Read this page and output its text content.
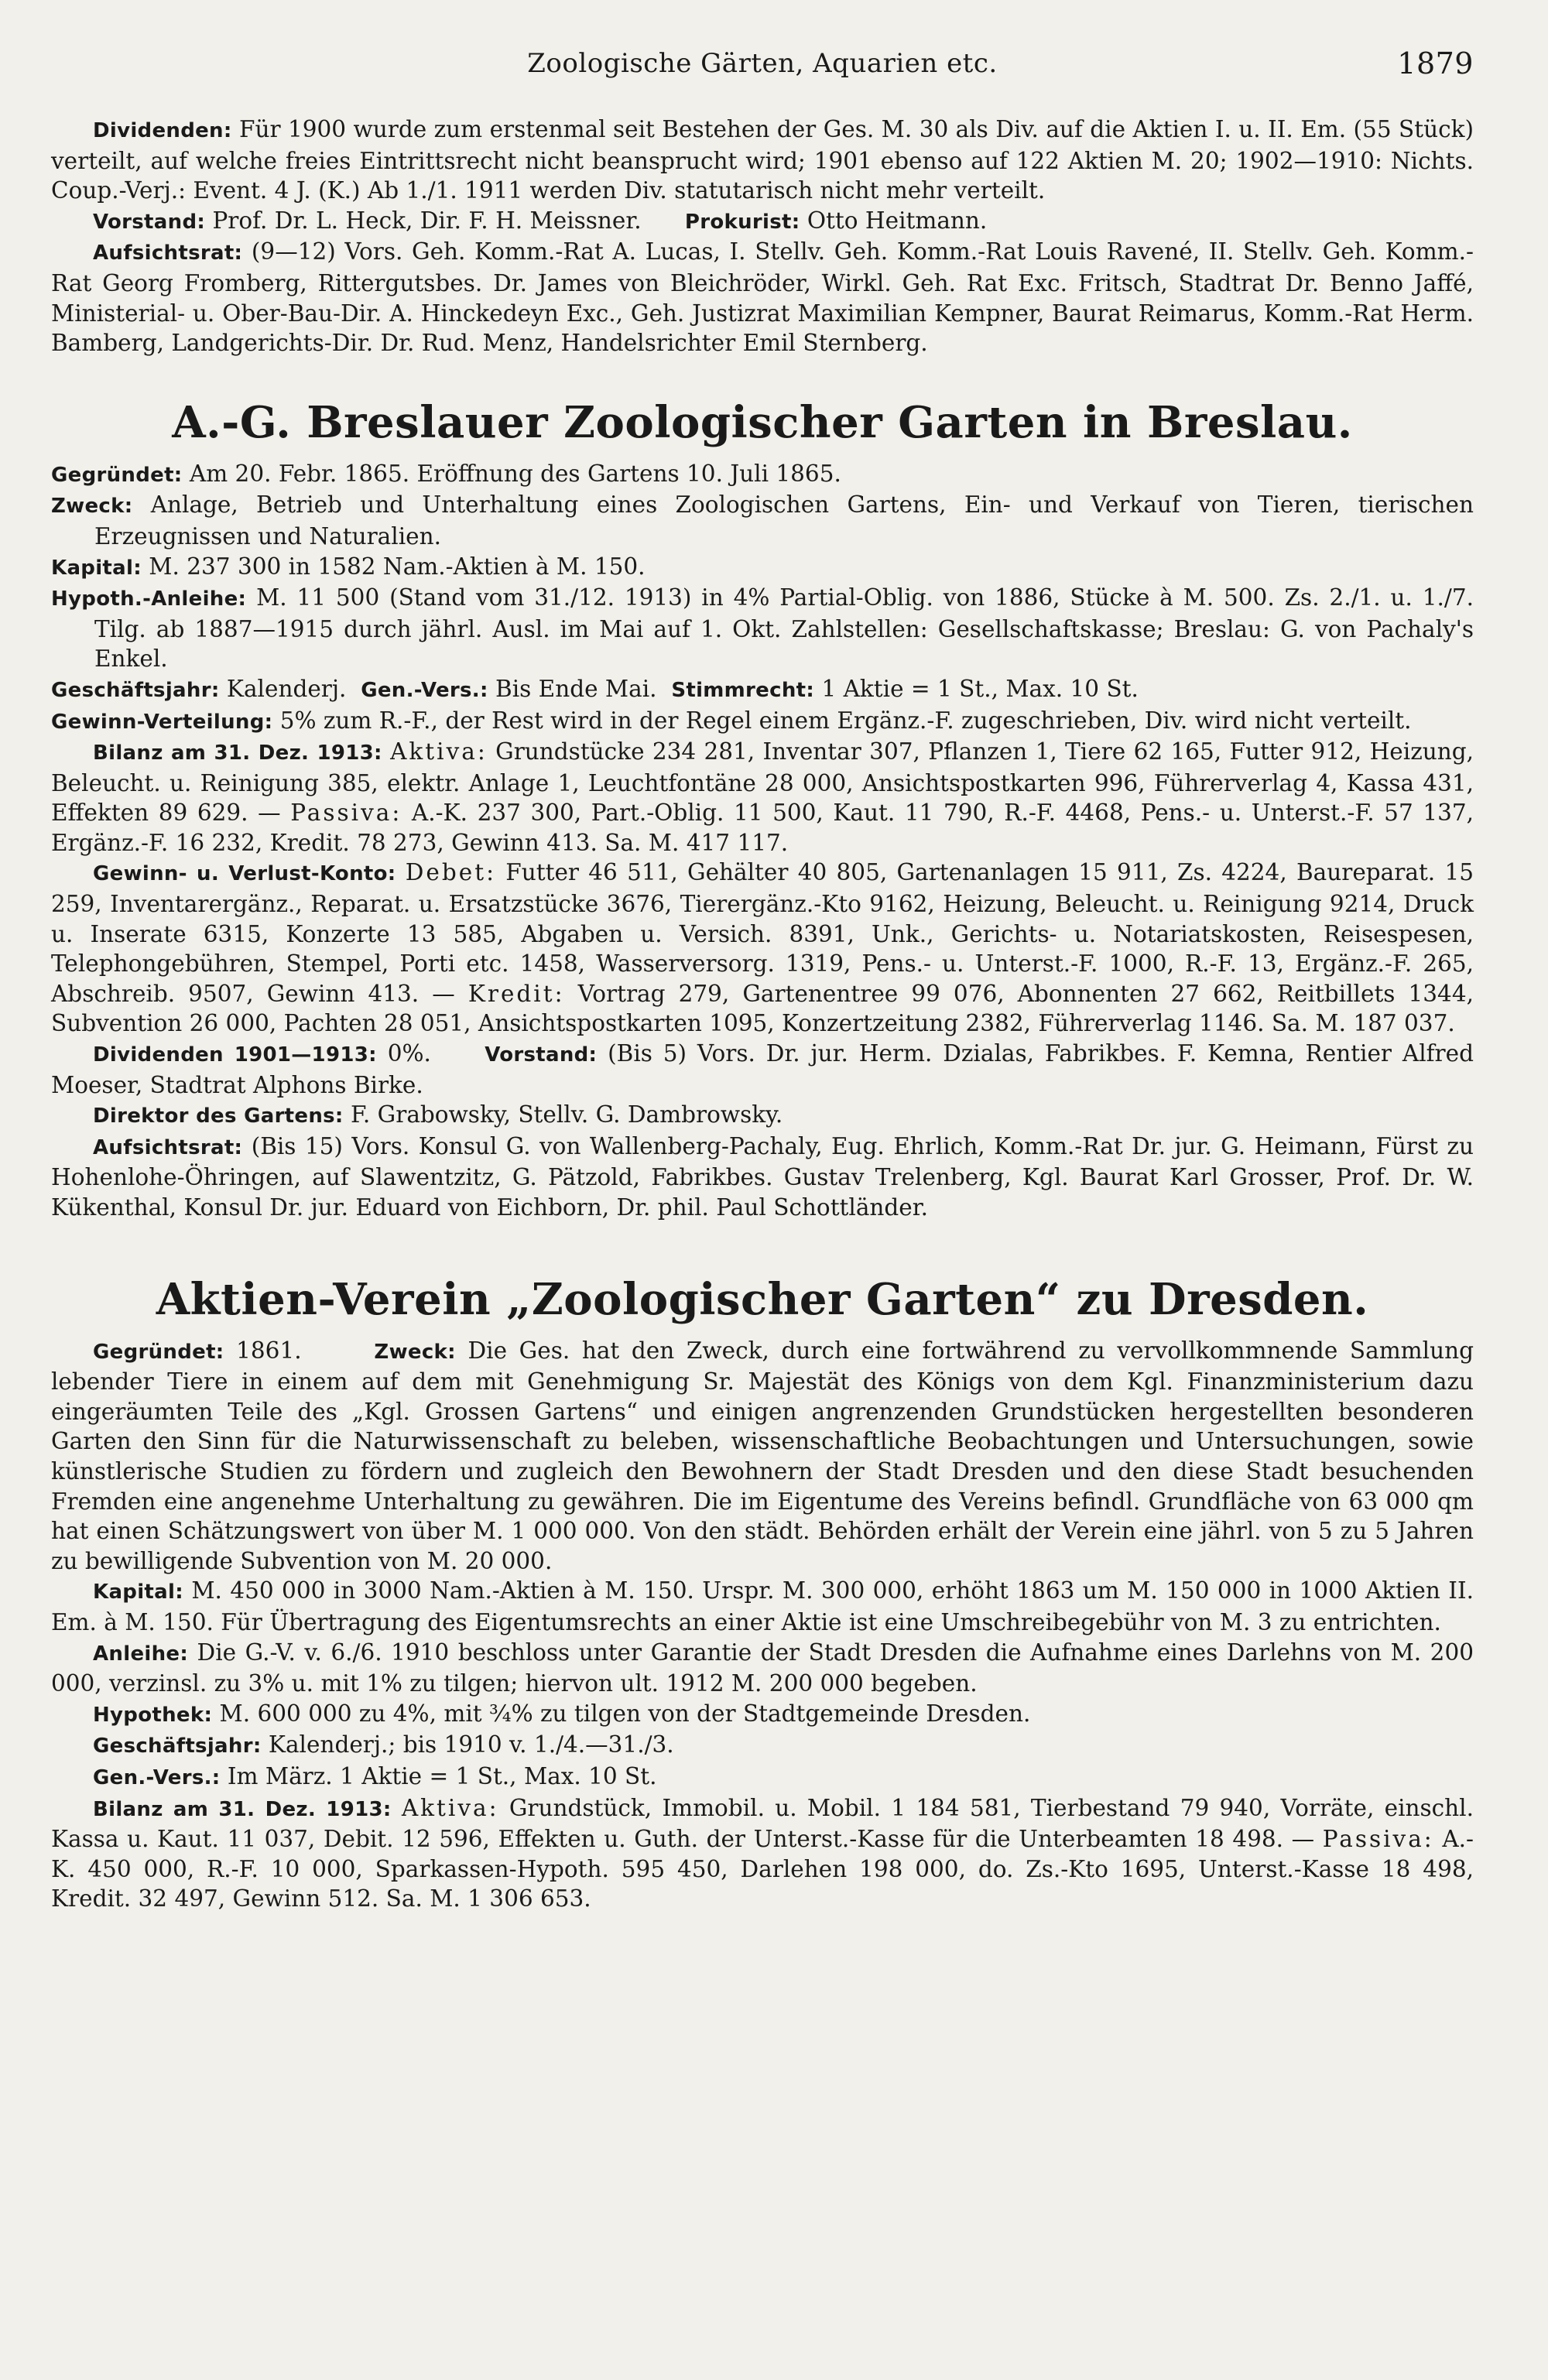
Zoologische Gärten, Aquarien etc.	1879

Dividenden: Für 1900 wurde zum erstenmal seit Bestehen der Ges. M. 30 als Div. auf die Aktien I. u. II. Em. (55 Stück) verteilt, auf welche freies Eintrittsrecht nicht beansprucht wird; 1901 ebenso auf 122 Aktien M. 20; 1902—1910: Nichts. Coup.-Verj.: Event. 4 J. (K.) Ab 1./1. 1911 werden Div. statutarisch nicht mehr verteilt.

Vorstand: Prof. Dr. L. Heck, Dir. F. H. Meissner. Prokurist: Otto Heitmann.

Aufsichtsrat: (9—12) Vors. Geh. Komm.-Rat A. Lucas, I. Stellv. Geh. Komm.-Rat Louis Ravené, II. Stellv. Geh. Komm.-Rat Georg Fromberg, Rittergutsbes. Dr. James von Bleichröder, Wirkl. Geh. Rat Exc. Fritsch, Stadtrat Dr. Benno Jaffé, Ministerial- u. Ober-Bau-Dir. A. Hinckedeyn Exc., Geh. Justizrat Maximilian Kempner, Baurat Reimarus, Komm.-Rat Herm. Bamberg, Landgerichts-Dir. Dr. Rud. Menz, Handelsrichter Emil Sternberg.

A.-G. Breslauer Zoologischer Garten in Breslau.

Gegründet: Am 20. Febr. 1865. Eröffnung des Gartens 10. Juli 1865.

Zweck: Anlage, Betrieb und Unterhaltung eines Zoologischen Gartens, Ein- und Verkauf von Tieren, tierischen Erzeugnissen und Naturalien.

Kapital: M. 237 300 in 1582 Nam.-Aktien à M. 150.

Hypoth.-Anleihe: M. 11 500 (Stand vom 31./12. 1913) in 4% Partial-Oblig. von 1886, Stücke à M. 500. Zs. 2./1. u. 1./7. Tilg. ab 1887—1915 durch jährl. Ausl. im Mai auf 1. Okt. Zahlstellen: Gesellschaftskasse; Breslau: G. von Pachaly's Enkel.

Geschäftsjahr: Kalenderj. Gen.-Vers.: Bis Ende Mai. Stimmrecht: 1 Aktie = 1 St., Max. 10 St.

Gewinn-Verteilung: 5% zum R.-F., der Rest wird in der Regel einem Ergänz.-F. zugeschrieben, Div. wird nicht verteilt.

Bilanz am 31. Dez. 1913: Aktiva: Grundstücke 234 281, Inventar 307, Pflanzen 1, Tiere 62 165, Futter 912, Heizung, Beleucht. u. Reinigung 385, elektr. Anlage 1, Leuchtfontäne 28 000, Ansichtspostkarten 996, Führerverlag 4, Kassa 431, Effekten 89 629. — Passiva: A.-K. 237 300, Part.-Oblig. 11 500, Kaut. 11 790, R.-F. 4468, Pens.- u. Unterst.-F. 57 137, Ergänz.-F. 16 232, Kredit. 78 273, Gewinn 413. Sa. M. 417 117.

Gewinn- u. Verlust-Konto: Debet: Futter 46 511, Gehälter 40 805, Gartenanlagen 15 911, Zs. 4224, Baureparat. 15 259, Inventarergänz., Reparat. u. Ersatzstücke 3676, Tierergänz.-Kto 9162, Heizung, Beleucht. u. Reinigung 9214, Druck u. Inserate 6315, Konzerte 13 585, Abgaben u. Versich. 8391, Unk., Gerichts- u. Notariatskosten, Reisespesen, Telephongebühren, Stempel, Porti etc. 1458, Wasserversorg. 1319, Pens.- u. Unterst.-F. 1000, R.-F. 13, Ergänz.-F. 265, Abschreib. 9507, Gewinn 413. — Kredit: Vortrag 279, Gartenentree 99 076, Abonnenten 27 662, Reitbillets 1344, Subvention 26 000, Pachten 28 051, Ansichtspostkarten 1095, Konzertzeitung 2382, Führerverlag 1146. Sa. M. 187 037.

Dividenden 1901—1913: 0%.	Vorstand: (Bis 5) Vors. Dr. jur. Herm. Dzialas, Fabrikbes. F. Kemna, Rentier Alfred Moeser, Stadtrat Alphons Birke.

Direktor des Gartens: F. Grabowsky, Stellv. G. Dambrowsky.

Aufsichtsrat: (Bis 15) Vors. Konsul G. von Wallenberg-Pachaly, Eug. Ehrlich, Komm.-Rat Dr. jur. G. Heimann, Fürst zu Hohenlohe-Öhringen, auf Slawentzitz, G. Pätzold, Fabrikbes. Gustav Trelenberg, Kgl. Baurat Karl Grosser, Prof. Dr. W. Kükenthal, Konsul Dr. jur. Eduard von Eichborn, Dr. phil. Paul Schottländer.

Aktien-Verein „Zoologischer Garten“ zu Dresden.

Gegründet: 1861.	Zweck: Die Ges. hat den Zweck, durch eine fortwährend zu vervollkommnende Sammlung lebender Tiere in einem auf dem mit Genehmigung Sr. Majestät des Königs von dem Kgl. Finanzministerium dazu eingeräumten Teile des „Kgl. Grossen Gartens“ und einigen angrenzenden Grundstücken hergestellten besonderen Garten den Sinn für die Naturwissenschaft zu beleben, wissenschaftliche Beobachtungen und Untersuchungen, sowie künstlerische Studien zu fördern und zugleich den Bewohnern der Stadt Dresden und den diese Stadt besuchenden Fremden eine angenehme Unterhaltung zu gewähren. Die im Eigentume des Vereins befindl. Grundfläche von 63 000 qm hat einen Schätzungswert von über M. 1 000 000. Von den städt. Behörden erhält der Verein eine jährl. von 5 zu 5 Jahren zu bewilligende Subvention von M. 20 000.

Kapital: M. 450 000 in 3000 Nam.-Aktien à M. 150. Urspr. M. 300 000, erhöht 1863 um M. 150 000 in 1000 Aktien II. Em. à M. 150. Für Übertragung des Eigentumsrechts an einer Aktie ist eine Umschreibegebühr von M. 3 zu entrichten.

Anleihe: Die G.-V. v. 6./6. 1910 beschloss unter Garantie der Stadt Dresden die Aufnahme eines Darlehns von M. 200 000, verzinsl. zu 3% u. mit 1% zu tilgen; hiervon ult. 1912 M. 200 000 begeben.

Hypothek: M. 600 000 zu 4%, mit ¾% zu tilgen von der Stadtgemeinde Dresden.

Geschäftsjahr: Kalenderj.; bis 1910 v. 1./4.—31./3.

Gen.-Vers.: Im März. 1 Aktie = 1 St., Max. 10 St.

Bilanz am 31. Dez. 1913: Aktiva: Grundstück, Immobil. u. Mobil. 1 184 581, Tierbestand 79 940, Vorräte, einschl. Kassa u. Kaut. 11 037, Debit. 12 596, Effekten u. Guth. der Unterst.-Kasse für die Unterbeamten 18 498. — Passiva: A.-K. 450 000, R.-F. 10 000, Sparkassen-Hypoth. 595 450, Darlehen 198 000, do. Zs.-Kto 1695, Unterst.-Kasse 18 498, Kredit. 32 497, Gewinn 512. Sa. M. 1 306 653.
